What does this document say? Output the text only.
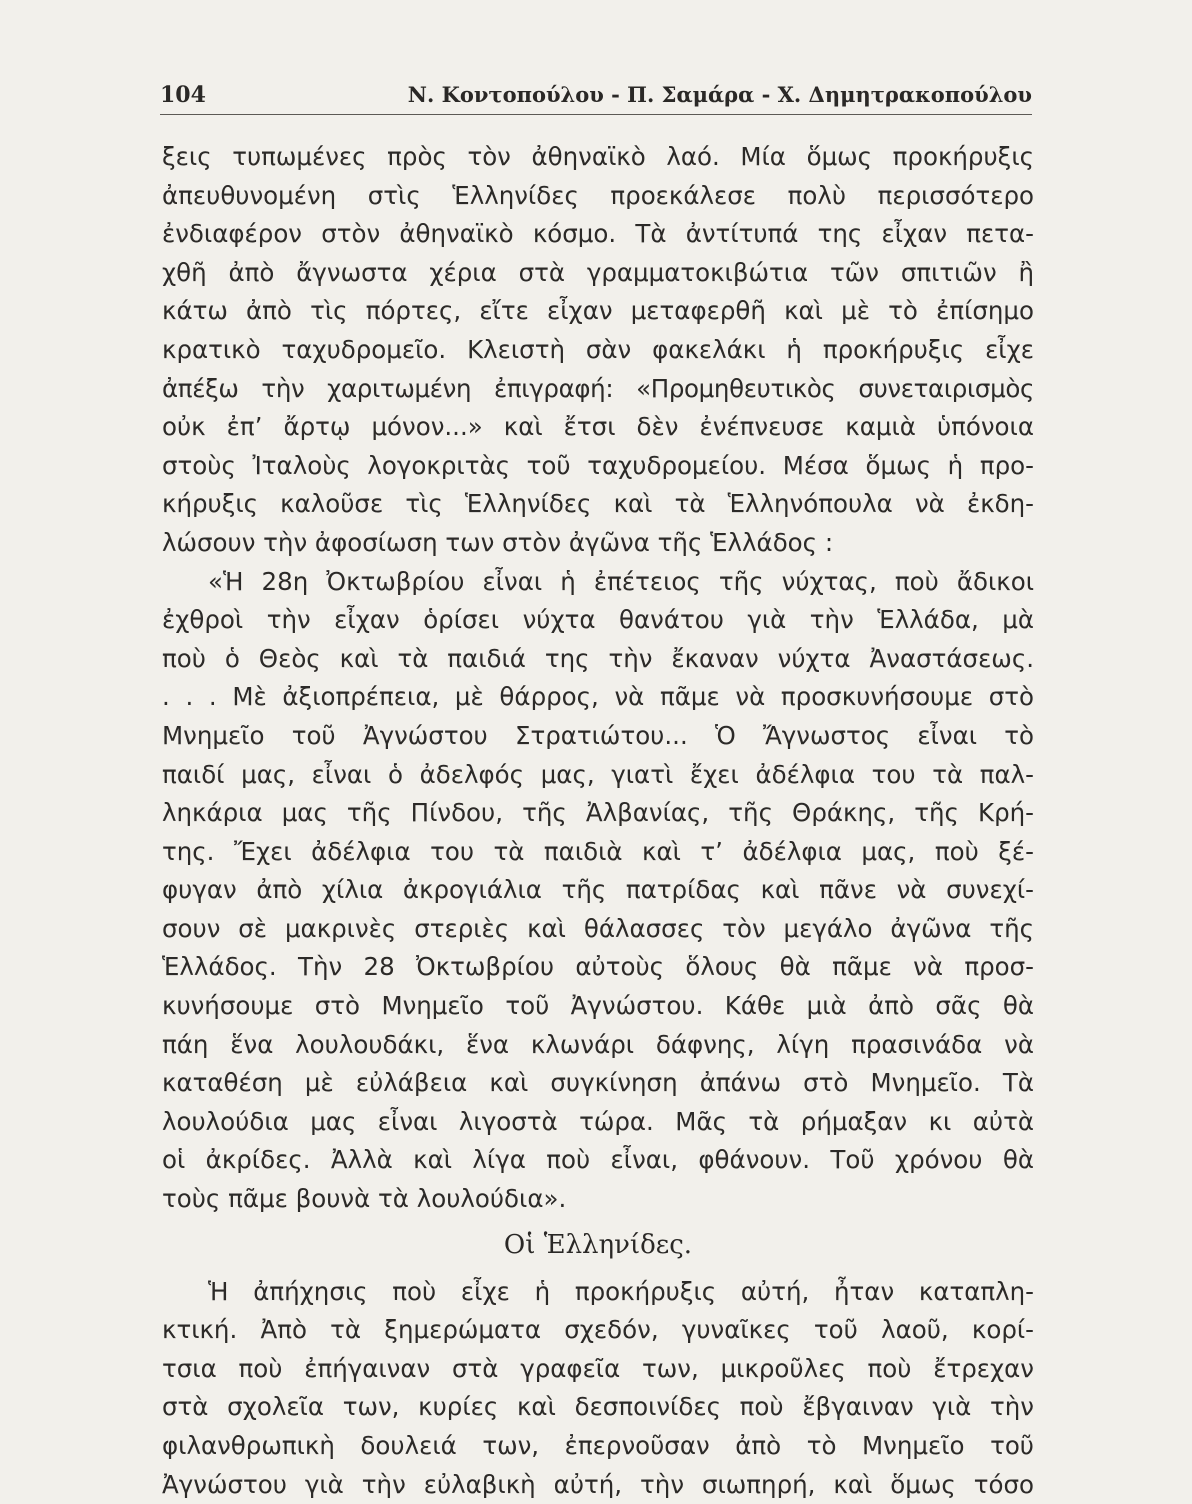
104	Ν. Κοντοπούλου - Π. Σαμάρα - Χ. Δημητρακοπούλου
ξεις τυπωμένες πρὸς τὸν ἀθηναϊκὸ λαό. Μία ὅμως προκήρυξις
ἀπευθυνομένη στὶς Ἑλληνίδες προεκάλεσε πολὺ περισσότερο
ἐνδιαφέρον στὸν ἀθηναϊκὸ κόσμο. Τὰ ἀντίτυπά της εἶχαν πετα-
χθῆ ἀπὸ ἄγνωστα χέρια στὰ γραμματοκιβώτια τῶν σπιτιῶν ἢ
κάτω ἀπὸ τὶς πόρτες, εἴτε εἶχαν μεταφερθῆ καὶ μὲ τὸ ἐπίσημο
κρατικὸ ταχυδρομεῖο. Κλειστὴ σὰν φακελάκι ἡ προκήρυξις εἶχε
ἀπέξω τὴν χαριτωμένη ἐπιγραφή: «Προμηθευτικὸς συνεταιρισμὸς
οὐκ ἐπ’ ἄρτῳ μόνον...» καὶ ἔτσι δὲν ἐνέπνευσε καμιὰ ὑπόνοια
στοὺς Ἰταλοὺς λογοκριτὰς τοῦ ταχυδρομείου. Μέσα ὅμως ἡ προ-
κήρυξις καλοῦσε τὶς Ἑλληνίδες καὶ τὰ Ἑλληνόπουλα νὰ ἐκδη-
λώσουν τὴν ἀφοσίωση των στὸν ἀγῶνα τῆς Ἑλλάδος :
«Ἡ 28η Ὀκτωβρίου εἶναι ἡ ἐπέτειος τῆς νύχτας, ποὺ ἄδικοι
ἐχθροὶ τὴν εἶχαν ὁρίσει νύχτα θανάτου γιὰ τὴν Ἑλλάδα, μὰ
ποὺ ὁ Θεὸς καὶ τὰ παιδιά της τὴν ἔκαναν νύχτα Ἀναστάσεως.
. . . Μὲ ἀξιοπρέπεια, μὲ θάρρος, νὰ πᾶμε νὰ προσκυνήσουμε στὸ
Μνημεῖο τοῦ Ἀγνώστου Στρατιώτου... Ὁ Ἄγνωστος εἶναι τὸ
παιδί μας, εἶναι ὁ ἀδελφός μας, γιατὶ ἔχει ἀδέλφια του τὰ παλ-
ληκάρια μας τῆς Πίνδου, τῆς Ἀλβανίας, τῆς Θράκης, τῆς Κρή-
της. Ἔχει ἀδέλφια του τὰ παιδιὰ καὶ τ’ ἀδέλφια μας, ποὺ ξέ-
φυγαν ἀπὸ χίλια ἀκρογιάλια τῆς πατρίδας καὶ πᾶνε νὰ συνεχί-
σουν σὲ μακρινὲς στεριὲς καὶ θάλασσες τὸν μεγάλο ἀγῶνα τῆς
Ἑλλάδος. Τὴν 28 Ὀκτωβρίου αὐτοὺς ὅλους θὰ πᾶμε νὰ προσ-
κυνήσουμε στὸ Μνημεῖο τοῦ Ἀγνώστου. Κάθε μιὰ ἀπὸ σᾶς θὰ
πάη ἕνα λουλουδάκι, ἕνα κλωνάρι δάφνης, λίγη πρασινάδα νὰ
καταθέση μὲ εὐλάβεια καὶ συγκίνηση ἀπάνω στὸ Μνημεῖο. Τὰ
λουλούδια μας εἶναι λιγοστὰ τώρα. Μᾶς τὰ ρήμαξαν κι αὐτὰ
οἱ ἀκρίδες. Ἀλλὰ καὶ λίγα ποὺ εἶναι, φθάνουν. Τοῦ χρόνου θὰ
τοὺς πᾶμε βουνὰ τὰ λουλούδια».
Οἱ Ἑλληνίδες.
Ἡ ἀπήχησις ποὺ εἶχε ἡ προκήρυξις αὐτή, ἦταν καταπλη-
κτική. Ἀπὸ τὰ ξημερώματα σχεδόν, γυναῖκες τοῦ λαοῦ, κορί-
τσια ποὺ ἐπήγαιναν στὰ γραφεῖα των, μικροῦλες ποὺ ἔτρεχαν
στὰ σχολεῖα των, κυρίες καὶ δεσποινίδες ποὺ ἔβγαιναν γιὰ τὴν
φιλανθρωπικὴ δουλειά των, ἐπερνοῦσαν ἀπὸ τὸ Μνημεῖο τοῦ
Ἀγνώστου γιὰ τὴν εὐλαβικὴ αὐτή, τὴν σιωπηρή, καὶ ὅμως τόσο
